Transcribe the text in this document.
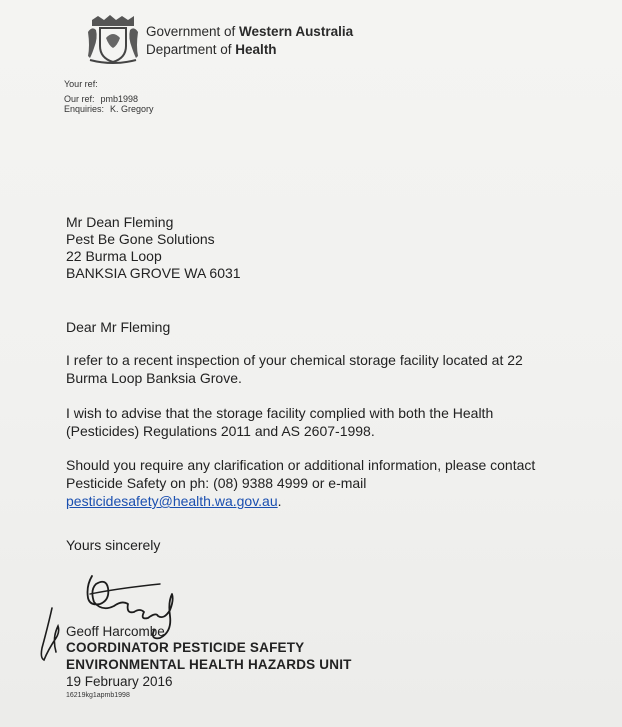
Government of Western Australia
Department of Health
Your ref:
Our ref: pmb1998
Enquiries: K. Gregory
Mr Dean Fleming
Pest Be Gone Solutions
22 Burma Loop
BANKSIA GROVE WA 6031
Dear Mr Fleming
I refer to a recent inspection of your chemical storage facility located at 22
Burma Loop Banksia Grove.
I wish to advise that the storage facility complied with both the Health
(Pesticides) Regulations 2011 and AS 2607-1998.
Should you require any clarification or additional information, please contact
Pesticide Safety on ph: (08) 9388 4999 or e-mail
pesticidesafety@health.wa.gov.au.
Yours sincerely
Geoff Harcombe
COORDINATOR PESTICIDE SAFETY
ENVIRONMENTAL HEALTH HAZARDS UNIT
19 February 2016
16219kg1apmb1998
